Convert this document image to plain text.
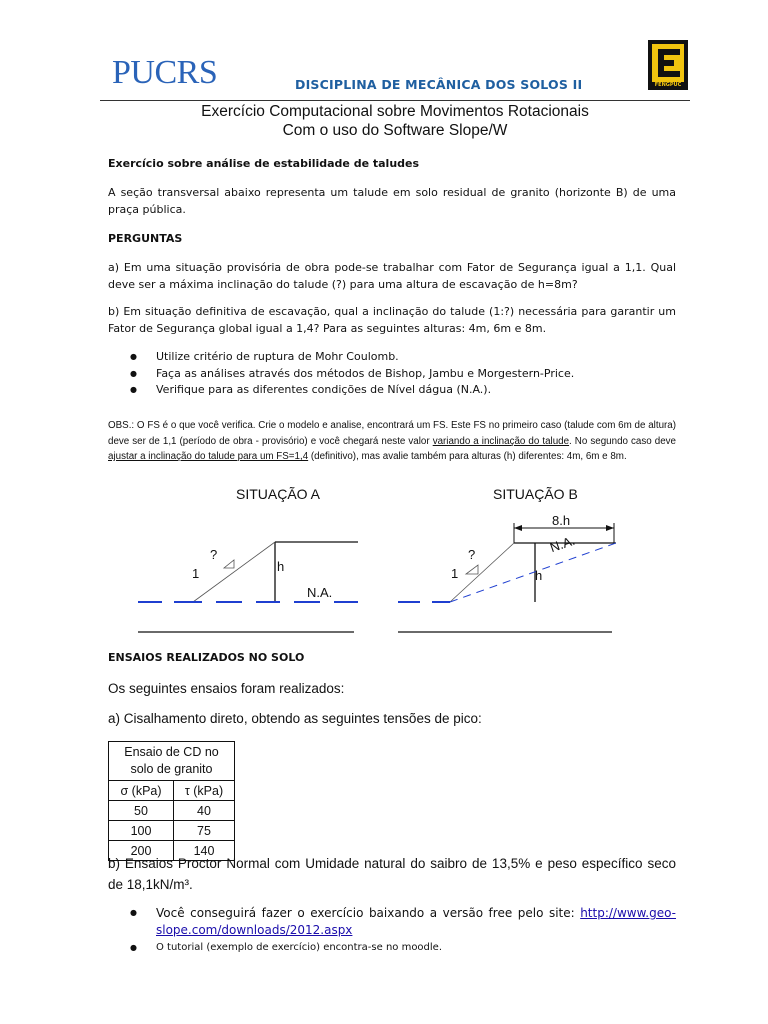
PUCRS	DISCIPLINA DE MECÂNICA DOS SOLOS II	FENGPUC
Exercício Computacional sobre Movimentos Rotacionais
Com o uso do Software Slope/W
Exercício sobre análise de estabilidade de taludes
A seção transversal abaixo representa um talude em solo residual de granito (horizonte B) de uma praça pública.
PERGUNTAS
a) Em uma situação provisória de obra pode-se trabalhar com Fator de Segurança igual a 1,1. Qual deve ser a máxima inclinação do talude (?) para uma altura de escavação de h=8m?
b) Em situação definitiva de escavação, qual a inclinação do talude (1:?) necessária para garantir um Fator de Segurança global igual a 1,4? Para as seguintes alturas: 4m, 6m e 8m.
● Utilize critério de ruptura de Mohr Coulomb.
● Faça as análises através dos métodos de Bishop, Jambu e Morgestern-Price.
● Verifique para as diferentes condições de Nível dágua (N.A.).
OBS.: O FS é o que você verifica. Crie o modelo e analise, encontrará um FS. Este FS no primeiro caso (talude com 6m de altura) deve ser de 1,1 (período de obra - provisório) e você chegará neste valor variando a inclinação do talude. No segundo caso deve ajustar a inclinação do talude para um FS=1,4 (definitivo), mas avalie também para alturas (h) diferentes: 4m, 6m e 8m.
SITUAÇÃO A	SITUAÇÃO B
?
1	h
N.A.
8.h
?
1	h
N.A.
ENSAIOS REALIZADOS NO SOLO
Os seguintes ensaios foram realizados:
a) Cisalhamento direto, obtendo as seguintes tensões de pico:
Ensaio de CD no
solo de granito	
σ (kPa)	τ (kPa)
50	40
100	75
200	140
b) Ensaios Proctor Normal com Umidade natural do saibro de 13,5% e peso específico seco de 18,1kN/m³.
● Você conseguirá fazer o exercício baixando a versão free pelo site: http://www.geo-slope.com/downloads/2012.aspx
● O tutorial (exemplo de exercício) encontra-se no moodle.
